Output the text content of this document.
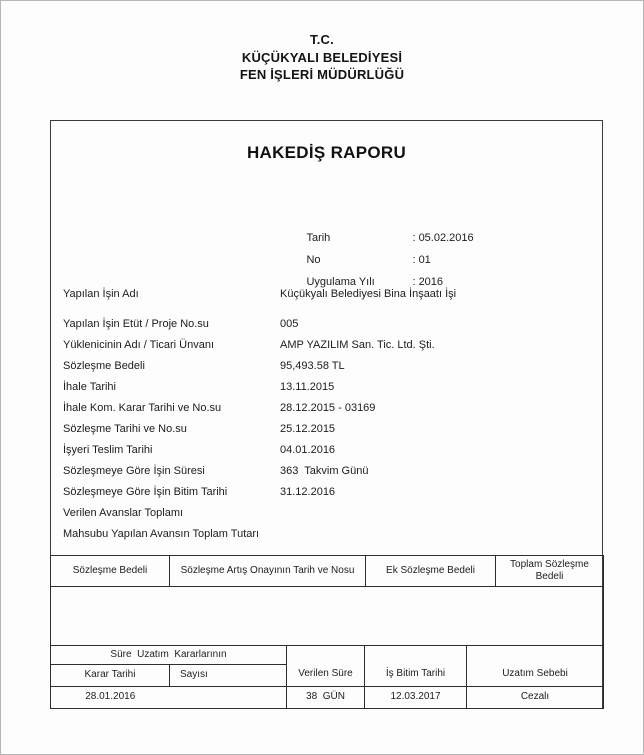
T.C.
KÜÇÜKYALI BELEDİYESİ
FEN İŞLERİ MÜDÜRLÜĞÜ
HAKEDİŞ RAPORU

Tarih	: 05.02.2016

No	: 01

Uygulama Yılı	: 2016

Yapılan İşin Adı	Küçükyalı Belediyesi Bina İnşaatı İşi
Yapılan İşin Etüt / Proje No.su	005
Yüklenicinin Adı / Ticari Ünvanı	AMP YAZILIM San. Tic. Ltd. Şti.
Sözleşme Bedeli	95,493.58 TL
İhale Tarihi	13.11.2015
İhale Kom. Karar Tarihi ve No.su	28.12.2015 - 03169
Sözleşme Tarihi ve No.su	25.12.2015
İşyeri Teslim Tarihi	04.01.2016
Sözleşmeye Göre İşin Süresi	363  Takvim Günü
Sözleşmeye Göre İşin Bitim Tarihi	31.12.2016
Verilen Avanslar Toplamı
Mahsubu Yapılan Avansın Toplam Tutarı
Sözleşme Bedeli	Sözleşme Artış Onayının Tarih ve Nosu	Ek Sözleşme Bedeli	Toplam Sözleşme Bedeli

Süre  Uzatım  Kararlarının		Verilen Süre	İş Bitim Tarihi	Uzatım Sebebi
Karar Tarihi	Sayısı			
28.01.2016		38  GÜN	12.03.2017	Cezalı
